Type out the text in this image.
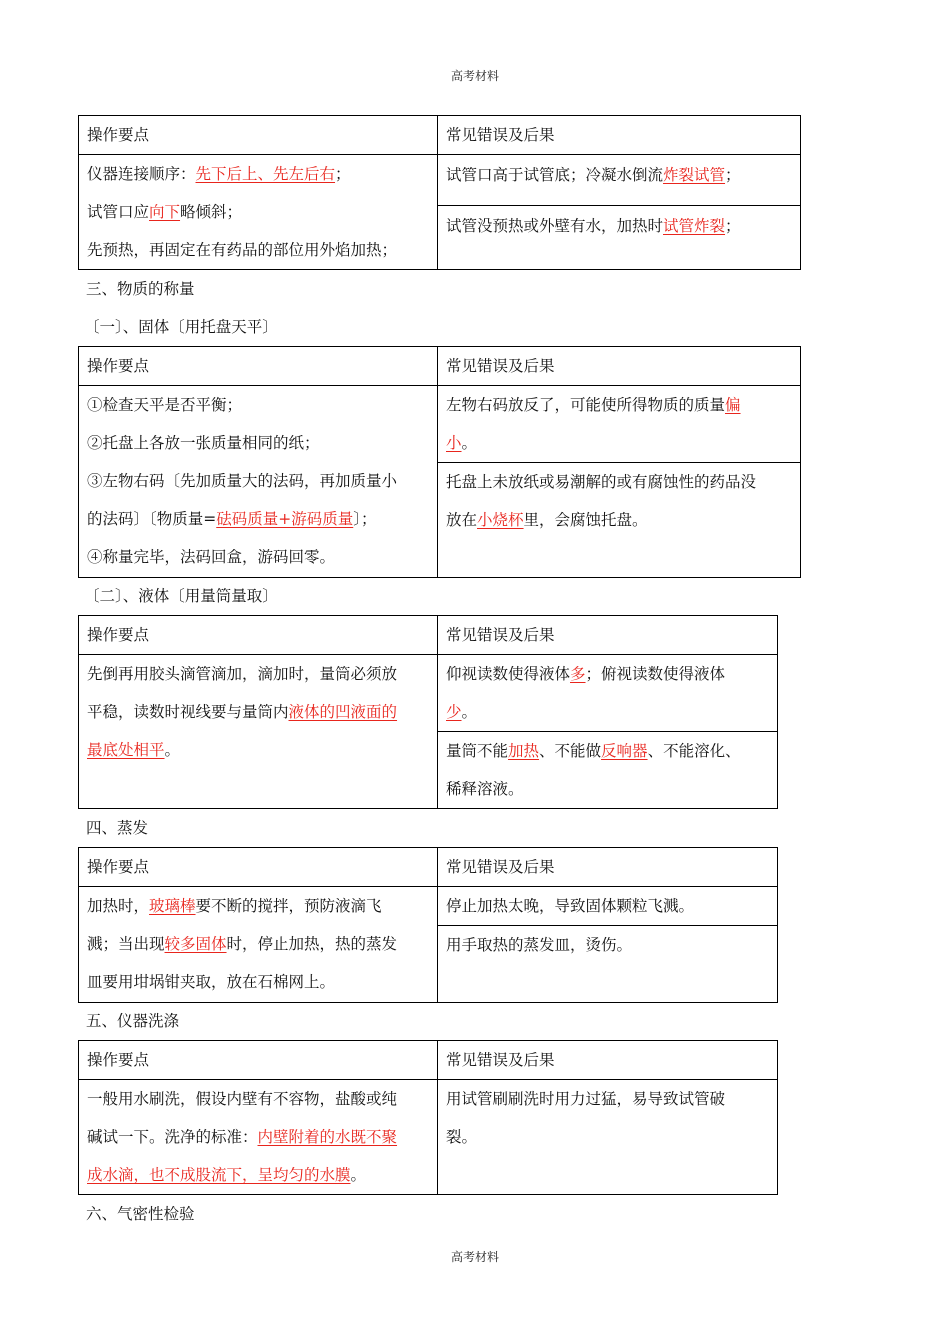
高考材料
操作要点	常见错误及后果

仪器连接顺序：先下后上、先左后右；
试管口应向下略倾斜；
先预热，再固定在有药品的部位用外焰加热；	试管口高于试管底；冷凝水倒流炸裂试管；
	试管没预热或外壁有水，加热时试管炸裂；
三、物质的称量
〔一〕、固体〔用托盘天平〕
操作要点	常见错误及后果

①检查天平是否平衡；
②托盘上各放一张质量相同的纸；
③左物右码〔先加质量大的法码，再加质量小
的法码〕〔物质量=砝码质量+游码质量〕；
④称量完毕，法码回盒，游码回零。	左物右码放反了，可能使所得物质的质量偏
小。

	托盘上未放纸或易潮解的或有腐蚀性的药品没
放在小烧杯里，会腐蚀托盘。
〔二〕、液体〔用量筒量取〕
操作要点	常见错误及后果

先倒再用胶头滴管滴加，滴加时，量筒必须放
平稳，读数时视线要与量筒内液体的凹液面的
最底处相平。	仰视读数使得液体多；俯视读数使得液体
少。

	量筒不能加热、不能做反响器、不能溶化、
稀释溶液。
四、蒸发
操作要点	常见错误及后果

加热时，玻璃棒要不断的搅拌，预防液滴飞
溅；当出现较多固体时，停止加热，热的蒸发
皿要用坩埚钳夹取，放在石棉网上。	停止加热太晚，导致固体颗粒飞溅。
	用手取热的蒸发皿，烫伤。
五、仪器洗涤
操作要点	常见错误及后果

一般用水刷洗，假设内壁有不容物，盐酸或纯
碱试一下。洗净的标准：内壁附着的水既不聚
成水滴，也不成股流下，呈均匀的水膜。	用试管刷刷洗时用力过猛，易导致试管破
裂。
六、气密性检验
高考材料
